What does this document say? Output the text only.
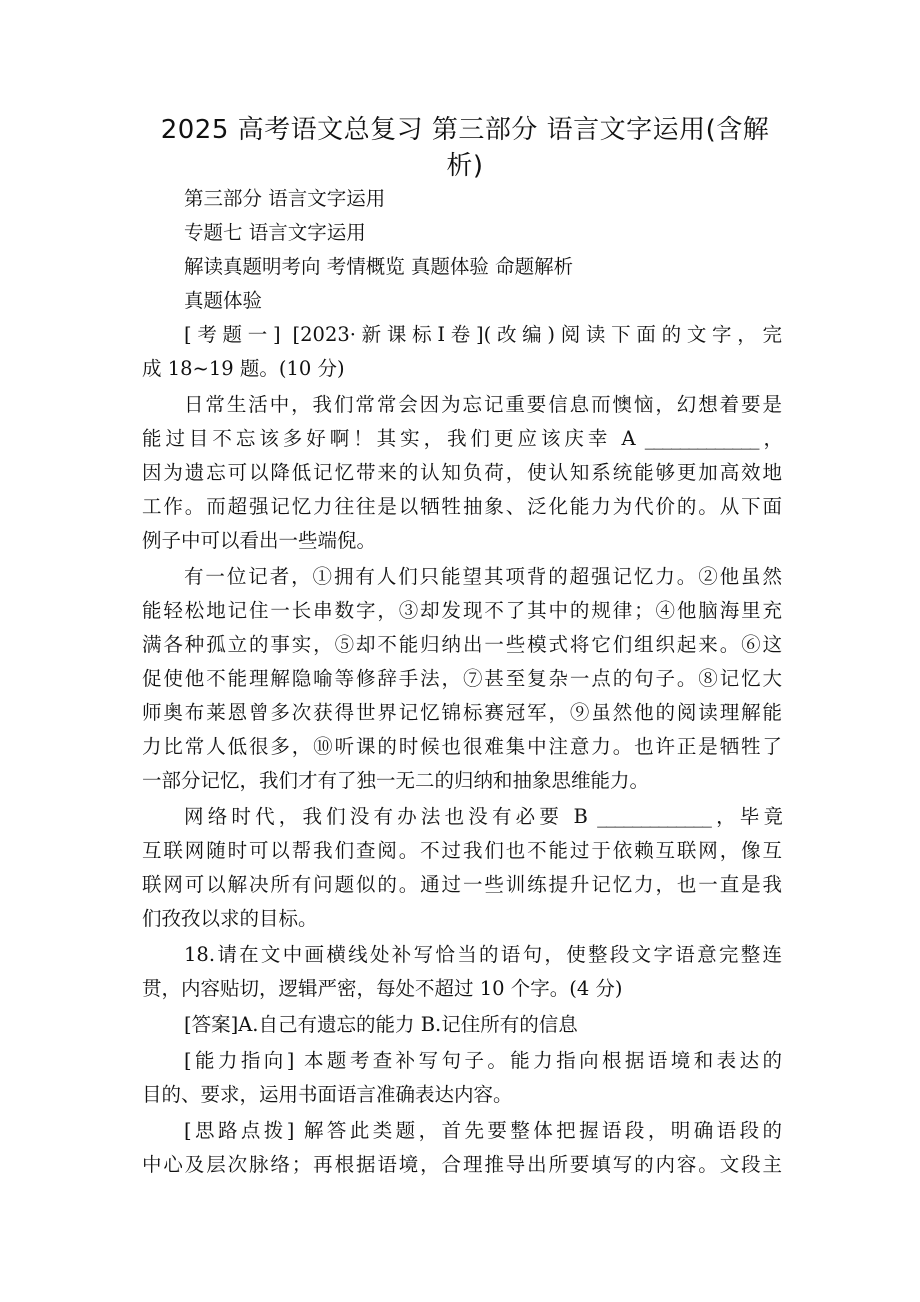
2025 高考语文总复习 第三部分 语言文字运用(含解
析)
第三部分 语言文字运用
专题七 语言文字运用
解读真题明考向 考情概览 真题体验 命题解析
真题体验
[考题一] [2023·新课标Ⅰ卷](改编)阅读下面的文字，完
成 18~19 题。(10 分)
日常生活中，我们常常会因为忘记重要信息而懊恼，幻想着要是
能过目不忘该多好啊！其实，我们更应该庆幸 A _____________，
因为遗忘可以降低记忆带来的认知负荷，使认知系统能够更加高效地
工作。而超强记忆力往往是以牺牲抽象、泛化能力为代价的。从下面
例子中可以看出一些端倪。
有一位记者，①拥有人们只能望其项背的超强记忆力。②他虽然
能轻松地记住一长串数字，③却发现不了其中的规律；④他脑海里充
满各种孤立的事实，⑤却不能归纳出一些模式将它们组织起来。⑥这
促使他不能理解隐喻等修辞手法，⑦甚至复杂一点的句子。⑧记忆大
师奥布莱恩曾多次获得世界记忆锦标赛冠军，⑨虽然他的阅读理解能
力比常人低很多，⑩听课的时候也很难集中注意力。也许正是牺牲了
一部分记忆，我们才有了独一无二的归纳和抽象思维能力。
网络时代，我们没有办法也没有必要 B _____________，毕竟
互联网随时可以帮我们查阅。不过我们也不能过于依赖互联网，像互
联网可以解决所有问题似的。通过一些训练提升记忆力，也一直是我
们孜孜以求的目标。
18.请在文中画横线处补写恰当的语句，使整段文字语意完整连
贯，内容贴切，逻辑严密，每处不超过 10 个字。(4 分)
[答案]A.自己有遗忘的能力 B.记住所有的信息
[能力指向] 本题考查补写句子。能力指向根据语境和表达的
目的、要求，运用书面语言准确表达内容。
[思路点拨] 解答此类题，首先要整体把握语段，明确语段的
中心及层次脉络；再根据语境，合理推导出所要填写的内容。文段主
